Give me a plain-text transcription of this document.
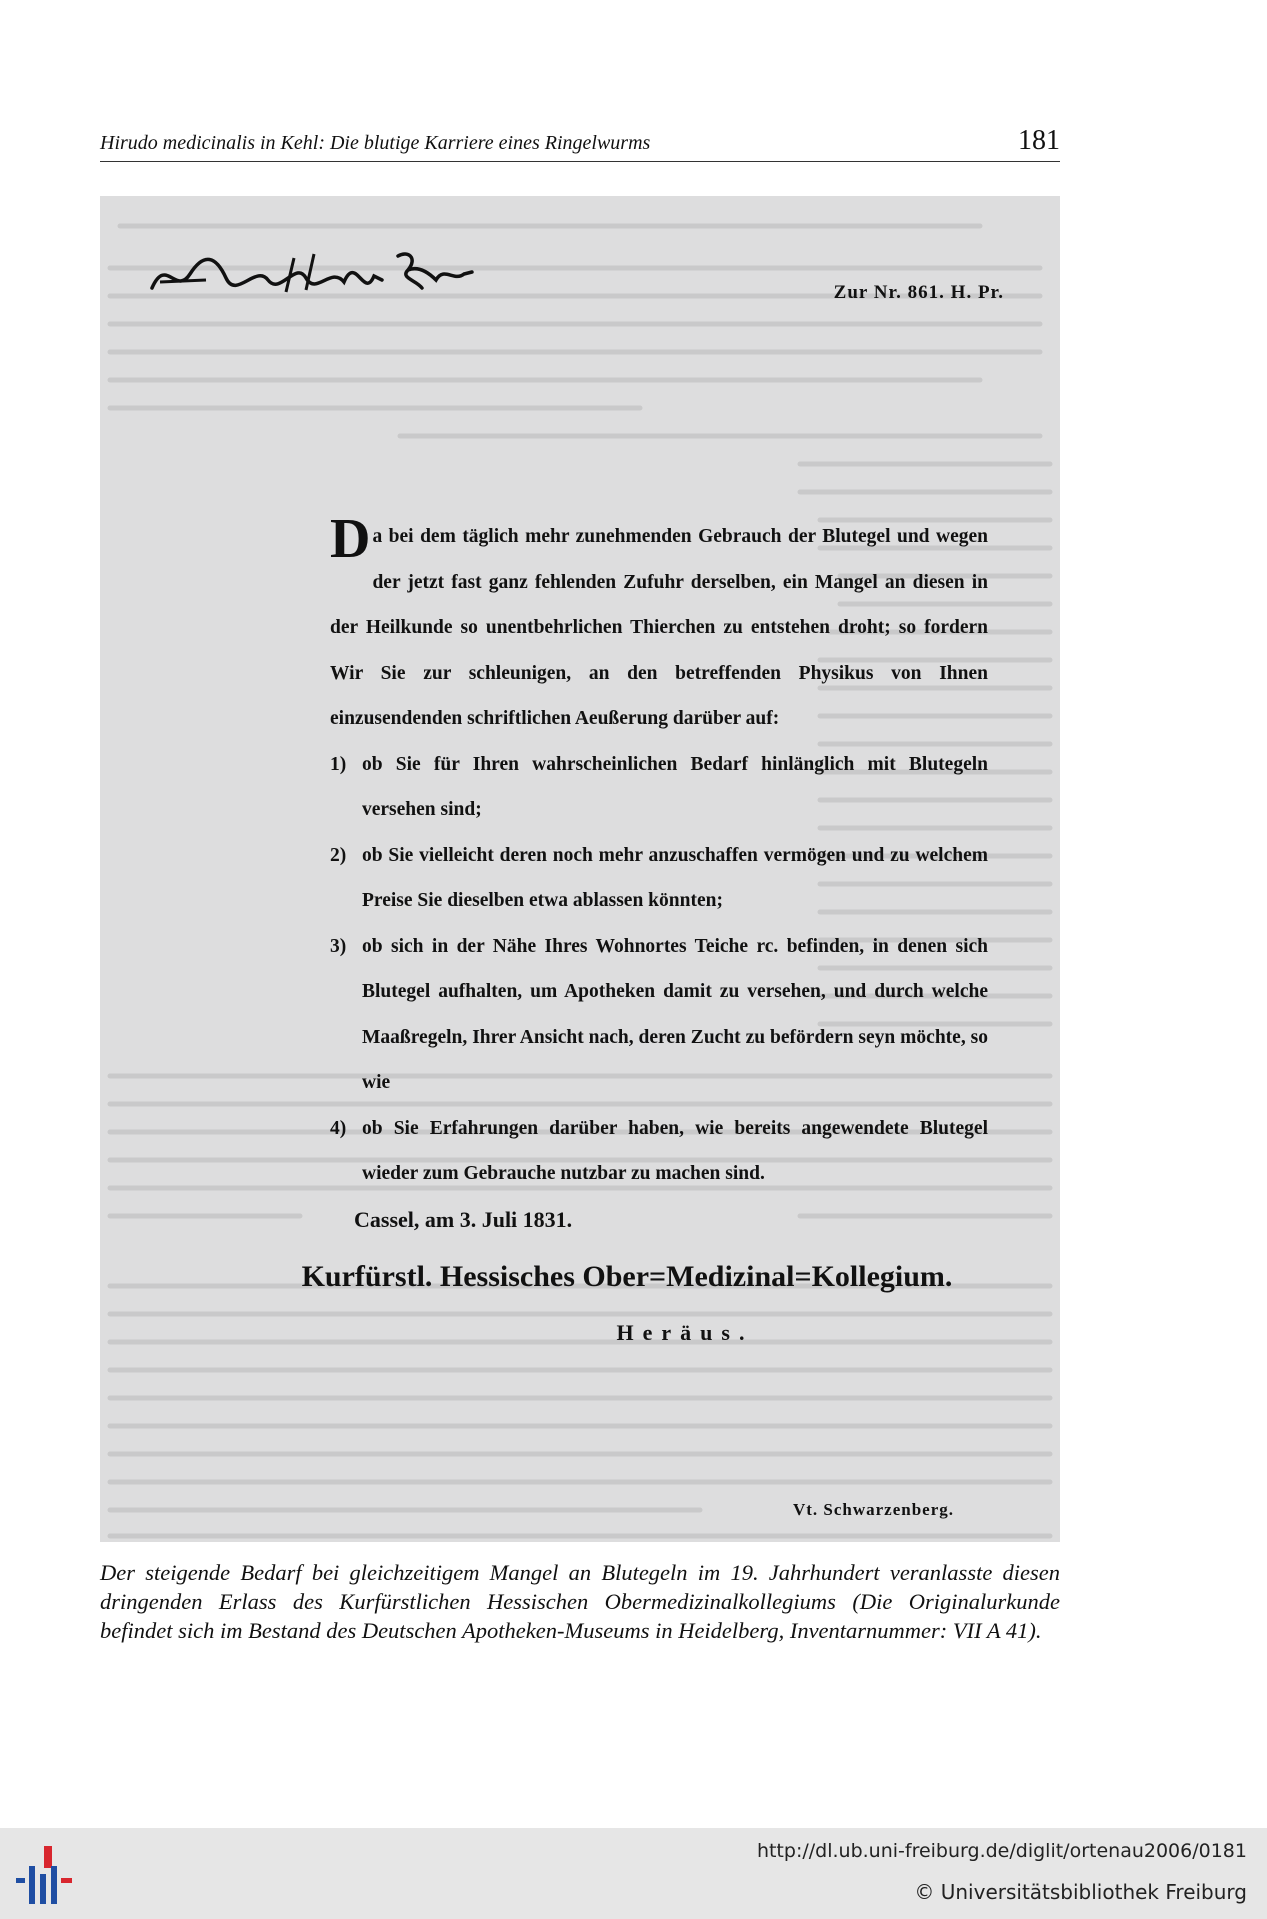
Hirudo medicinalis in Kehl: Die blutige Karriere eines Ringelwurms	181
Zur Nr. 861. H. Pr.

Da bei dem täglich mehr zunehmenden Gebrauch der Blutegel und wegen der jetzt fast ganz fehlenden Zufuhr derselben, ein Mangel an diesen in der Heilkunde so unentbehrlichen Thierchen zu entstehen droht; so fordern Wir Sie zur schleunigen, an den betreffenden Physikus von Ihnen einzusendenden schriftlichen Aeußerung darüber auf:

1) ob Sie für Ihren wahrscheinlichen Bedarf hinlänglich mit Blutegeln versehen sind;
2) ob Sie vielleicht deren noch mehr anzuschaffen vermögen und zu welchem Preise Sie dieselben etwa ablassen könnten;
3) ob sich in der Nähe Ihres Wohnortes Teiche rc. befinden, in denen sich Blutegel aufhalten, um Apotheken damit zu versehen, und durch welche Maaßregeln, Ihrer Ansicht nach, deren Zucht zu befördern seyn möchte, so wie
4) ob Sie Erfahrungen darüber haben, wie bereits angewendete Blutegel wieder zum Gebrauche nutzbar zu machen sind.

Cassel, am 3. Juli 1831.

Kurfürstl. Hessisches Ober=Medizinal=Kollegium.
Heräus.
Vt. Schwarzenberg.

Der steigende Bedarf bei gleichzeitigem Mangel an Blutegeln im 19. Jahrhundert veranlasste diesen dringenden Erlass des Kurfürstlichen Hessischen Obermedizinalkollegiums (Die Originalurkunde befindet sich im Bestand des Deutschen Apotheken-Museums in Heidelberg, Inventarnummer: VII A 41).

http://dl.ub.uni-freiburg.de/diglit/ortenau2006/0181
© Universitätsbibliothek Freiburg
